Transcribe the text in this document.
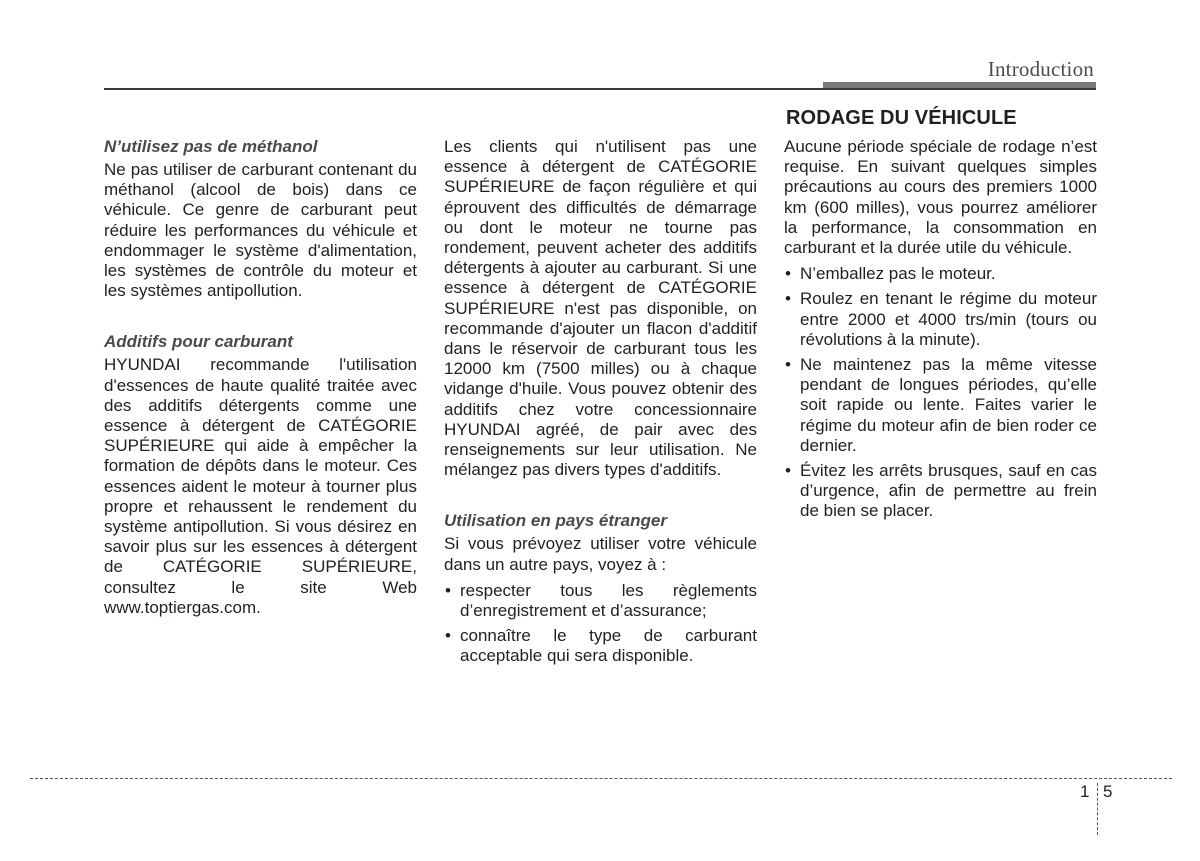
Introduction
N’utilisez pas de méthanol

Ne pas utiliser de carburant contenant du méthanol (alcool de bois) dans ce véhicule. Ce genre de carburant peut réduire les performances du véhicule et endommager le système d'alimentation, les systèmes de contrôle du moteur et les systèmes antipollution.

Additifs pour carburant

HYUNDAI recommande l'utilisation d'essences de haute qualité traitée avec des additifs détergents comme une essence à détergent de CATÉGORIE SUPÉRIEURE qui aide à empêcher la formation de dépôts dans le moteur. Ces essences aident le moteur à tourner plus propre et rehaussent le rendement du système antipollution. Si vous désirez en savoir plus sur les essences à détergent de CATÉGORIE SUPÉRIEURE, consultez le site Web www.toptiergas.com.

Les clients qui n'utilisent pas une essence à détergent de CATÉGORIE SUPÉRIEURE de façon régulière et qui éprouvent des difficultés de démarrage ou dont le moteur ne tourne pas rondement, peuvent acheter des additifs détergents à ajouter au carburant. Si une essence à détergent de CATÉGORIE SUPÉRIEURE n'est pas disponible, on recommande d'ajouter un flacon d'additif dans le réservoir de carburant tous les 12000 km (7500 milles) ou à chaque vidange d'huile. Vous pouvez obtenir des additifs chez votre concessionnaire HYUNDAI agréé, de pair avec des renseignements sur leur utilisation. Ne mélangez pas divers types d'additifs.

Utilisation en pays étranger

Si vous prévoyez utiliser votre véhicule dans un autre pays, voyez à :

• respecter tous les règlements d’enregistrement et d’assurance;
• connaître le type de carburant acceptable qui sera disponible.
RODAGE DU VÉHICULE

Aucune période spéciale de rodage n’est requise. En suivant quelques simples précautions au cours des premiers 1000 km (600 milles), vous pourrez améliorer la performance, la consommation en carburant et la durée utile du véhicule.

• N’emballez pas le moteur.
• Roulez en tenant le régime du moteur entre 2000 et 4000 trs/min (tours ou révolutions à la minute).
• Ne maintenez pas la même vitesse pendant de longues périodes, qu’elle soit rapide ou lente. Faites varier le régime du moteur afin de bien roder ce dernier.
• Évitez les arrêts brusques, sauf en cas d’urgence, afin de permettre au frein de bien se placer.
1 5
